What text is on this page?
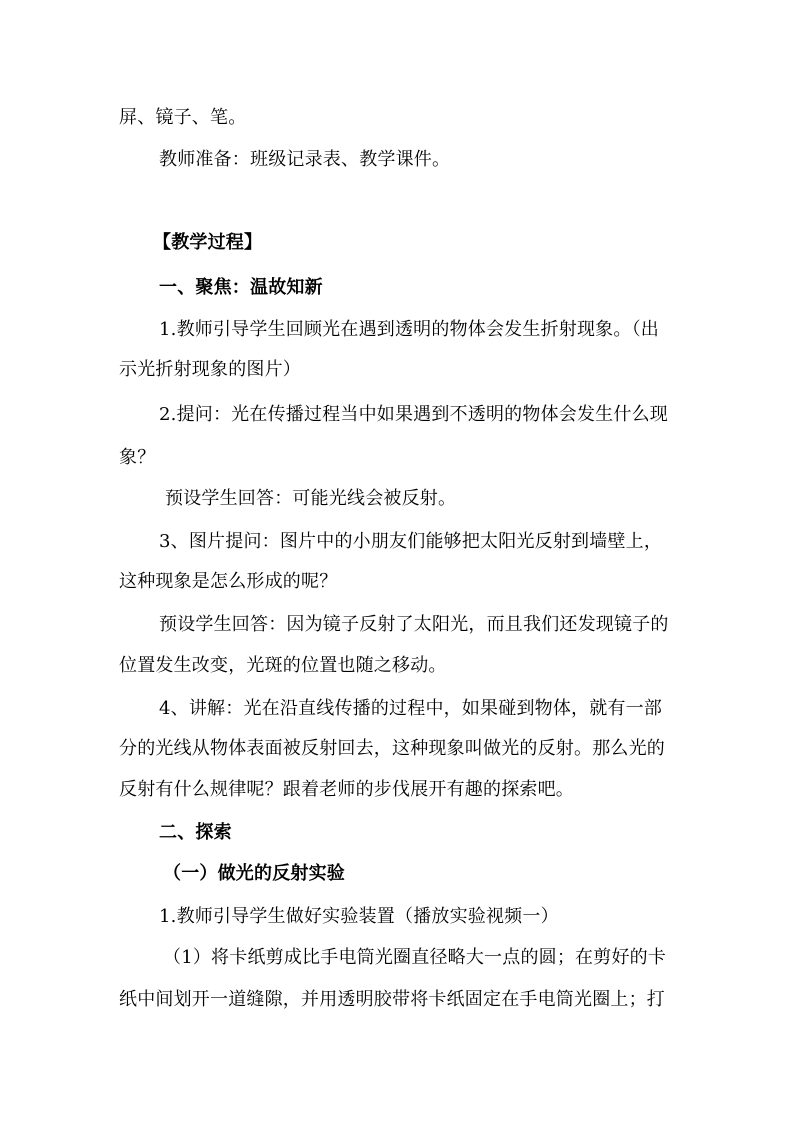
屏、镜子、笔。
教师准备：班级记录表、教学课件。
【教学过程】
一、聚焦：温故知新
1.教师引导学生回顾光在遇到透明的物体会发生折射现象。（出
示光折射现象的图片）
2.提问：光在传播过程当中如果遇到不透明的物体会发生什么现
象？
预设学生回答：可能光线会被反射。
3、图片提问：图片中的小朋友们能够把太阳光反射到墙壁上，
这种现象是怎么形成的呢？
预设学生回答：因为镜子反射了太阳光，而且我们还发现镜子的
位置发生改变，光斑的位置也随之移动。
4、讲解：光在沿直线传播的过程中，如果碰到物体，就有一部
分的光线从物体表面被反射回去，这种现象叫做光的反射。那么光的
反射有什么规律呢？跟着老师的步伐展开有趣的探索吧。
二、探索
（一）做光的反射实验
1.教师引导学生做好实验装置（播放实验视频一）
（1）将卡纸剪成比手电筒光圈直径略大一点的圆；在剪好的卡
纸中间划开一道缝隙，并用透明胶带将卡纸固定在手电筒光圈上；打
